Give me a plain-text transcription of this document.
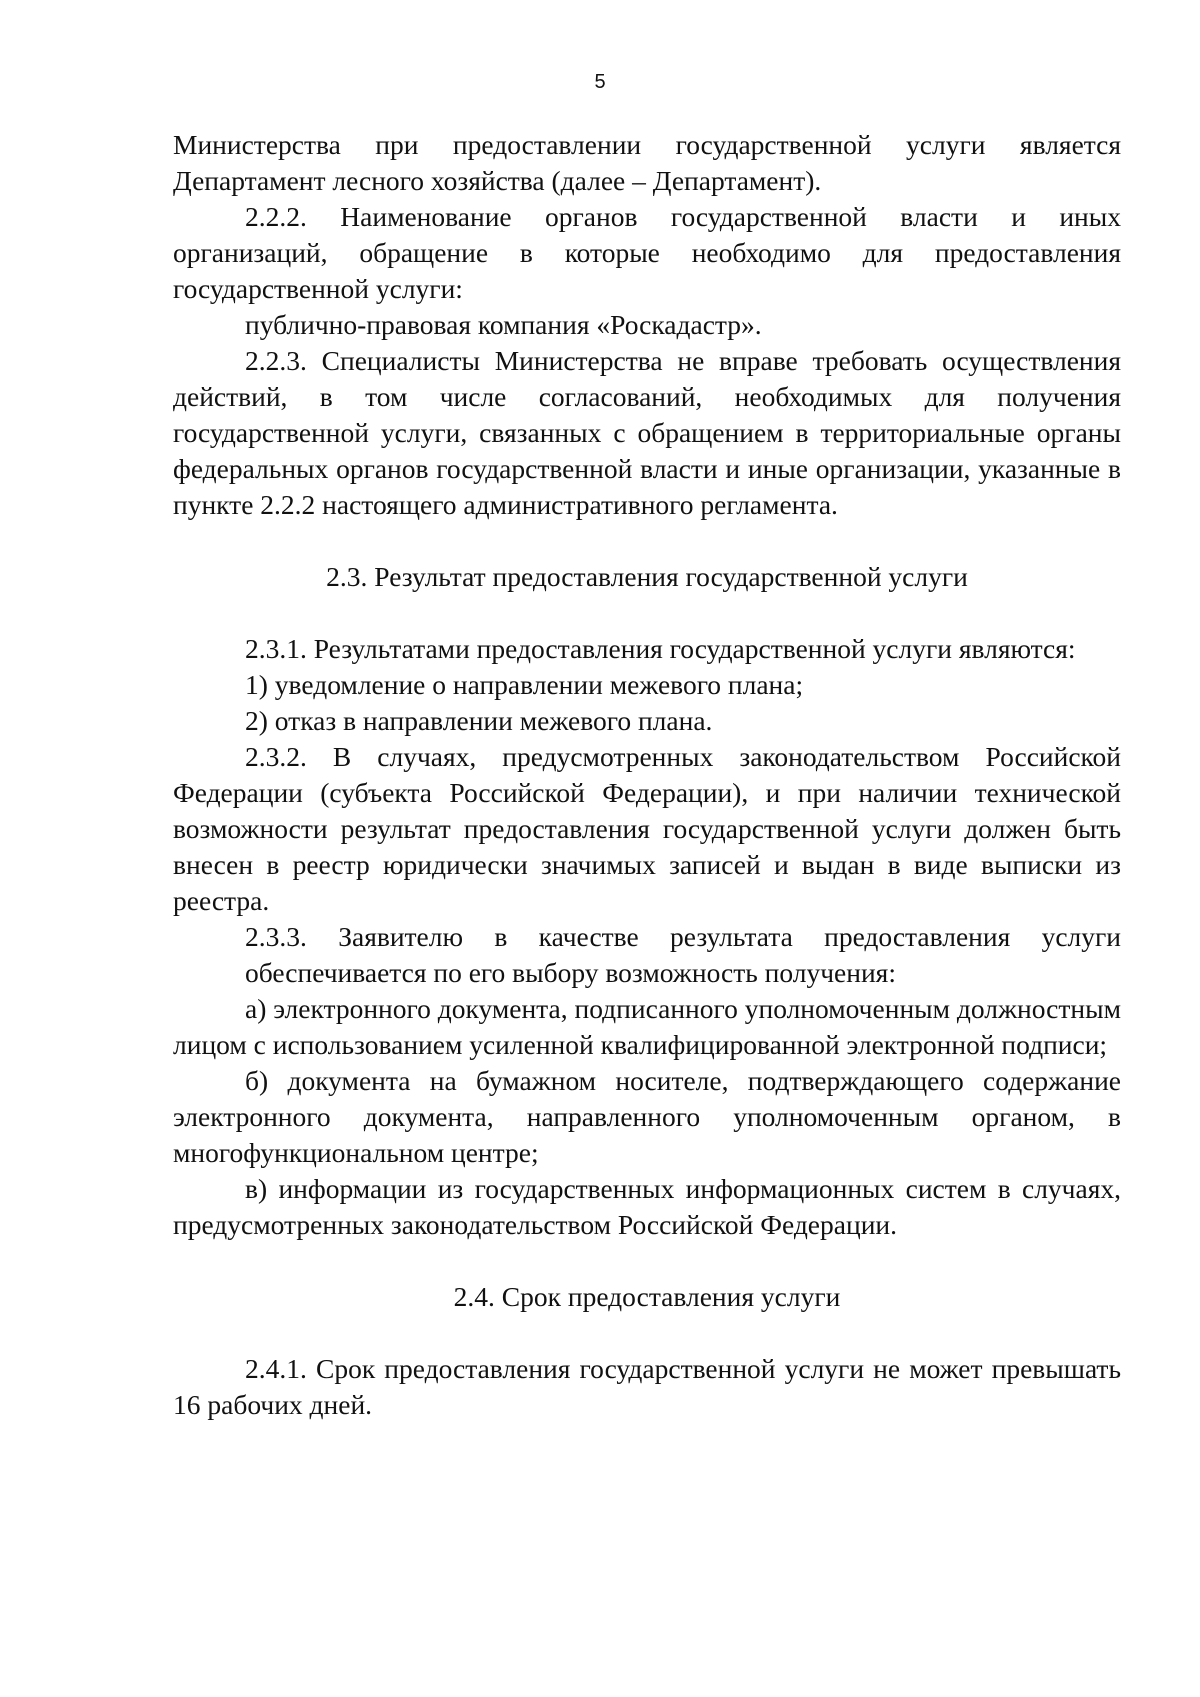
5

Министерства при предоставлении государственной услуги является Департамент лесного хозяйства (далее – Департамент).

2.2.2. Наименование органов государственной власти и иных организаций, обращение в которые необходимо для предоставления государственной услуги:

публично-правовая компания «Роскадастр».

2.2.3. Специалисты Министерства не вправе требовать осуществления действий, в том числе согласований, необходимых для получения государственной услуги, связанных с обращением в территориальные органы федеральных органов государственной власти и иные организации, указанные в пункте 2.2.2 настоящего административного регламента.

2.3. Результат предоставления государственной услуги

2.3.1. Результатами предоставления государственной услуги являются:

1) уведомление о направлении межевого плана;

2) отказ в направлении межевого плана.

2.3.2. В случаях, предусмотренных законодательством Российской Федерации (субъекта Российской Федерации), и при наличии технической возможности результат предоставления государственной услуги должен быть внесен в реестр юридически значимых записей и выдан в виде выписки из реестра.

2.3.3. Заявителю в качестве результата предоставления услуги обеспечивается по его выбору возможность получения:

а) электронного документа, подписанного уполномоченным должностным лицом с использованием усиленной квалифицированной электронной подписи;

б) документа на бумажном носителе, подтверждающего содержание электронного документа, направленного уполномоченным органом, в многофункциональном центре;

в) информации из государственных информационных систем в случаях, предусмотренных законодательством Российской Федерации.

2.4. Срок предоставления услуги

2.4.1. Срок предоставления государственной услуги не может превышать 16 рабочих дней.
